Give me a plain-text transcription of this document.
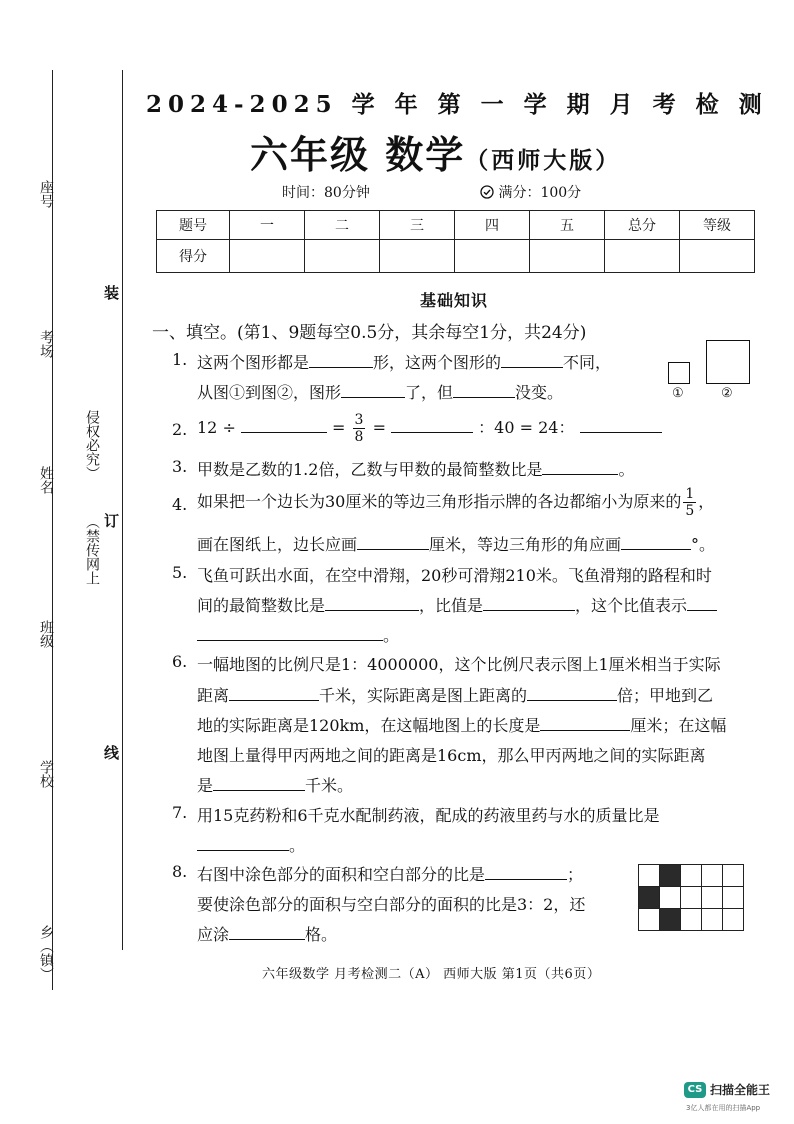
座号
考场
姓名
班级
学校
乡（镇）
侵权必究）
（禁传网上
装
订
线
2024-2025 学 年 第 一 学 期 月 考 检 测
六年级 数学（西师大版）
时间：80分钟	满分：100分
题号	一	二	三	四	五	总分	等级
得分							
基础知识
一、填空。(第1、9题每空0.5分，其余每空1分，共24分)
1. 这两个图形都是	形，这两个图形的	不同，
从图①到图②，图形	了，但	没变。	①	②
2. 12 ÷	= $\frac{3}{8}$ =	：40 = 24：
3. 甲数是乙数的1.2倍，乙数与甲数的最简整数比是	。
4. 如果把一个边长为30厘米的等边三角形指示牌的各边都缩小为原来的 $\frac{1}{5}$ ，
画在图纸上，边长应画	厘米，等边三角形的角应画	°。
5. 飞鱼可跃出水面，在空中滑翔，20秒可滑翔210米。飞鱼滑翔的路程和时
间的最简整数比是	，比值是	，这个比值表示
。
6. 一幅地图的比例尺是1：4000000，这个比例尺表示图上1厘米相当于实际
距离	千米，实际距离是图上距离的	倍；甲地到乙
地的实际距离是120km，在这幅地图上的长度是	厘米；在这幅
地图上量得甲丙两地之间的距离是16cm，那么甲丙两地之间的实际距离
是	千米。
7. 用15克药粉和6千克水配制药液，配成的药液里药与水的质量比是
。
8. 右图中涂色部分的面积和空白部分的比是	；
要使涂色部分的面积与空白部分的面积的比是3：2，还
应涂	格。

六年级数学 月考检测二（A） 西师大版 第1页（共6页）
CS 扫描全能王
3亿人都在用的扫描App
